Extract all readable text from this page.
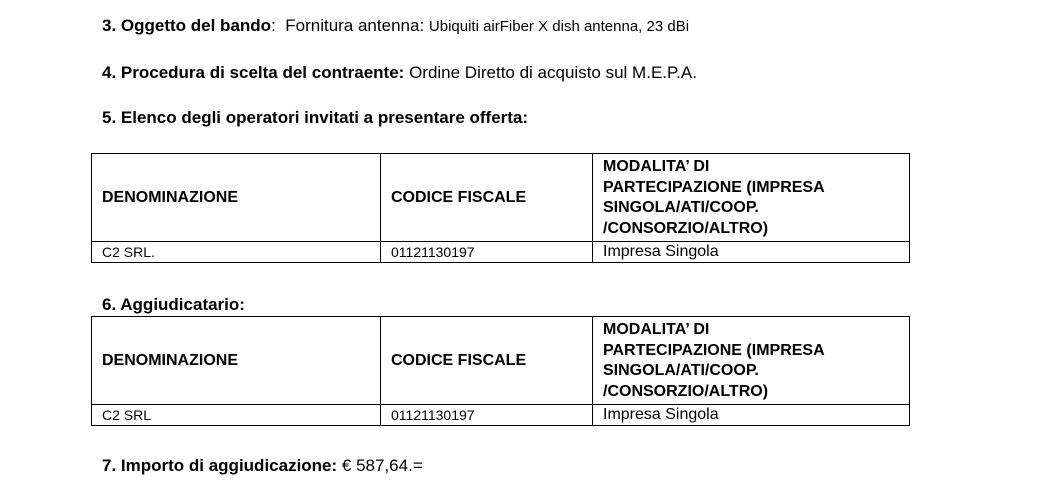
3. Oggetto del bando:  Fornitura antenna: Ubiquiti airFiber X dish antenna, 23 dBi
4. Procedura di scelta del contraente: Ordine Diretto di acquisto sul M.E.P.A.
5. Elenco degli operatori invitati a presentare offerta:
DENOMINAZIONE	CODICE FISCALE	MODALITA’ DI
PARTECIPAZIONE (IMPRESA
SINGOLA/ATI/COOP.
/CONSORZIO/ALTRO)
C2 SRL.	01121130197	Impresa Singola
6. Aggiudicatario:
DENOMINAZIONE	CODICE FISCALE	MODALITA’ DI
PARTECIPAZIONE (IMPRESA
SINGOLA/ATI/COOP.
/CONSORZIO/ALTRO)
C2 SRL	01121130197	Impresa Singola
7. Importo di aggiudicazione: € 587,64.=
